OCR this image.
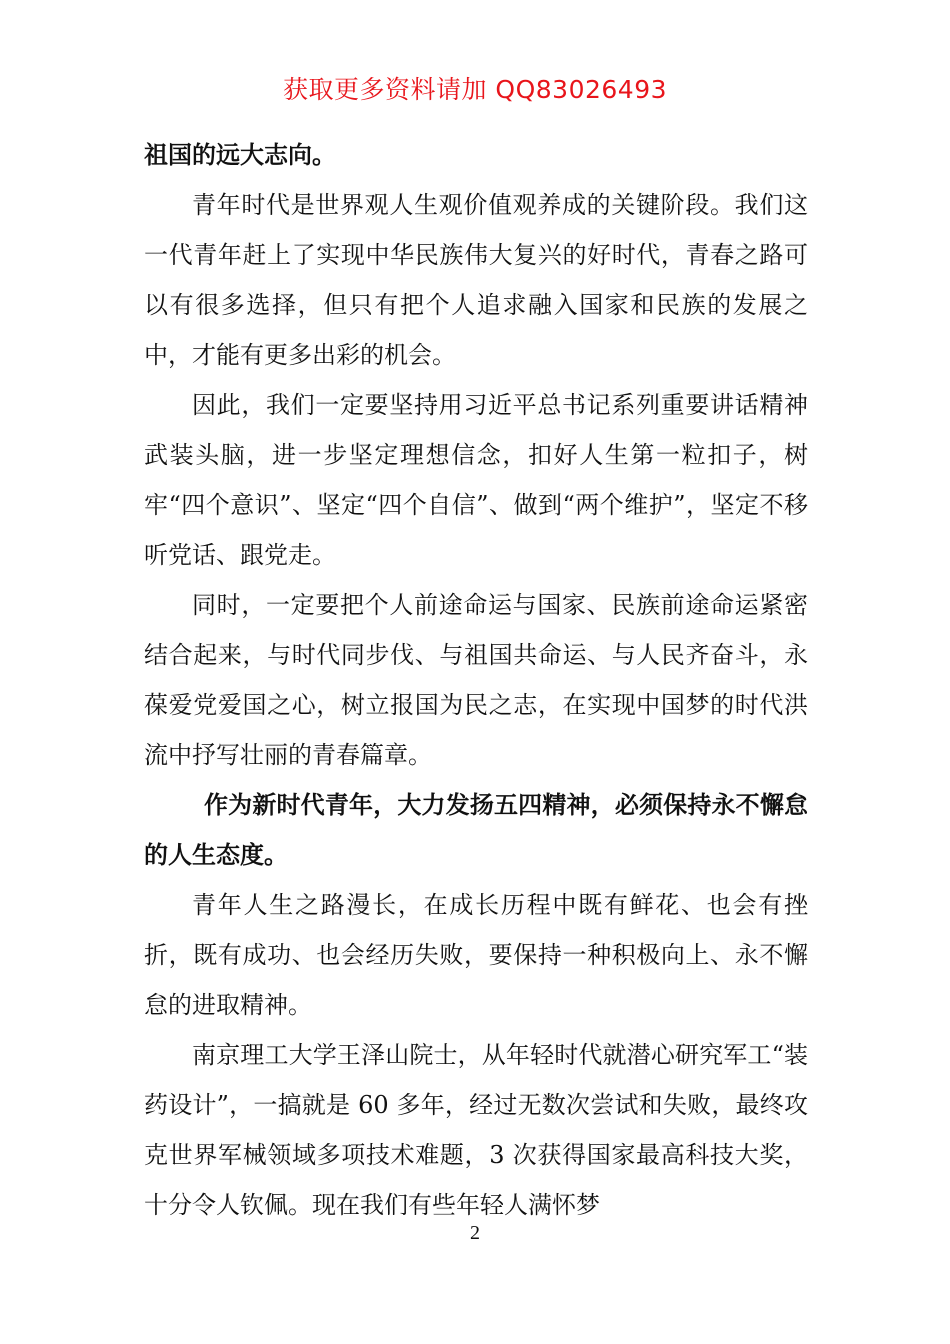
获取更多资料请加 QQ83026493

祖国的远大志向。

青年时代是世界观人生观价值观养成的关键阶段。我们这一代青年赶上了实现中华民族伟大复兴的好时代，青春之路可以有很多选择，但只有把个人追求融入国家和民族的发展之中，才能有更多出彩的机会。

因此，我们一定要坚持用习近平总书记系列重要讲话精神武装头脑，进一步坚定理想信念，扣好人生第一粒扣子，树牢“四个意识”、坚定“四个自信”、做到“两个维护”，坚定不移听党话、跟党走。

同时，一定要把个人前途命运与国家、民族前途命运紧密结合起来，与时代同步伐、与祖国共命运、与人民齐奋斗，永葆爱党爱国之心，树立报国为民之志，在实现中国梦的时代洪流中抒写壮丽的青春篇章。

作为新时代青年，大力发扬五四精神，必须保持永不懈怠的人生态度。

青年人生之路漫长，在成长历程中既有鲜花、也会有挫折，既有成功、也会经历失败，要保持一种积极向上、永不懈怠的进取精神。

南京理工大学王泽山院士，从年轻时代就潜心研究军工“装药设计”，一搞就是 60 多年，经过无数次尝试和失败，最终攻克世界军械领域多项技术难题，3 次获得国家最高科技大奖，十分令人钦佩。现在我们有些年轻人满怀梦

2
